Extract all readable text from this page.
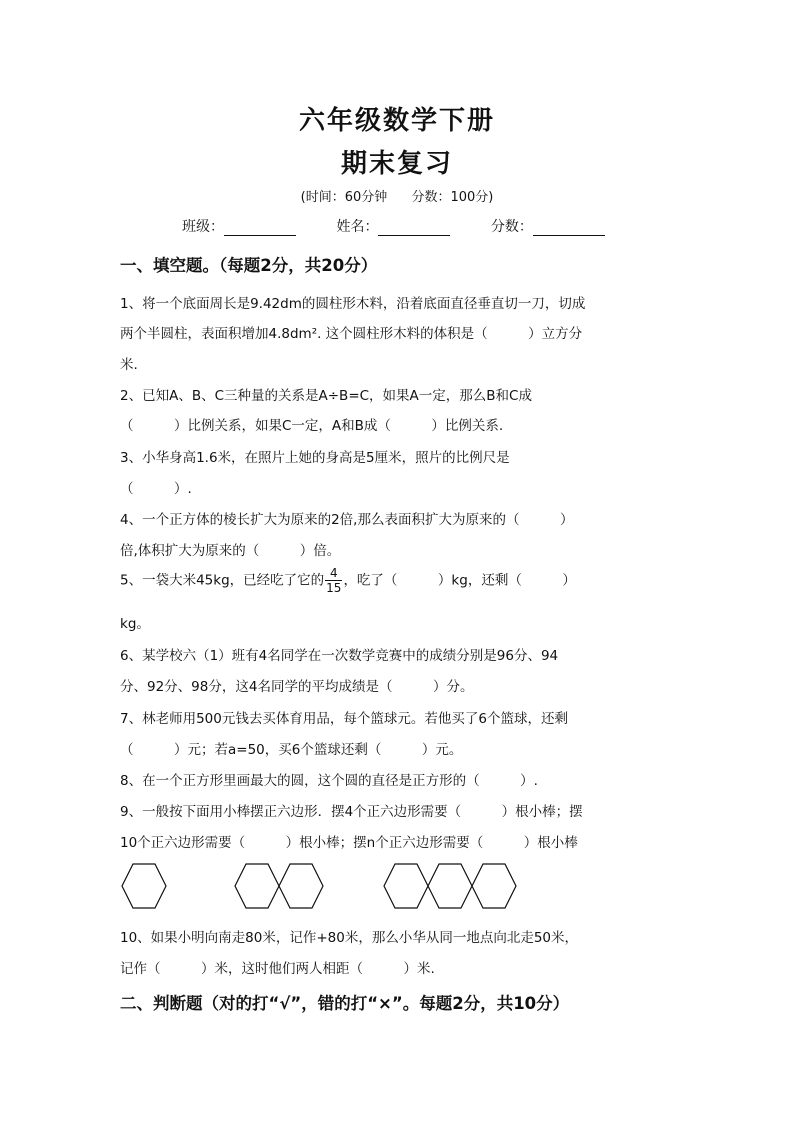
六年级数学下册
期末复习
(时间：60分钟 分数：100分)
班级：	姓名：	分数：
一、填空题。（每题2分，共20分）
1、将一个底面周长是9.42dm的圆柱形木料，沿着底面直径垂直切一刀，切成
两个半圆柱，表面积增加4.8dm². 这个圆柱形木料的体积是（　　　）立方分
米.
2、已知A、B、C三种量的关系是A÷B=C，如果A一定，那么B和C成
（　　　）比例关系，如果C一定，A和B成（　　　）比例关系.
3、小华身高1.6米，在照片上她的身高是5厘米，照片的比例尺是
（　　　）.
4、一个正方体的棱长扩大为原来的2倍,那么表面积扩大为原来的（　　　）
倍,体积扩大为原来的（　　　）倍。
5、一袋大米45kg，已经吃了它的 $\frac{4}{15}$ ，吃了（　　　）kg，还剩（　　　）
kg。
6、某学校六（1）班有4名同学在一次数学竞赛中的成绩分别是96分、94
分、92分、98分，这4名同学的平均成绩是（　　　）分。
7、林老师用500元钱去买体育用品，每个篮球元。若他买了6个篮球，还剩
（　　　）元；若a=50，买6个篮球还剩（　　　）元。
8、在一个正方形里画最大的圆，这个圆的直径是正方形的（　　　）.
9、一般按下面用小棒摆正六边形．摆4个正六边形需要（　　　）根小棒；摆
10个正六边形需要（　　　）根小棒；摆n个正六边形需要（　　　）根小棒
10、如果小明向南走80米，记作+80米，那么小华从同一地点向北走50米，
记作（　　　）米，这时他们两人相距（　　　）米.
二、判断题（对的打“√”，错的打“×”。每题2分，共10分）
